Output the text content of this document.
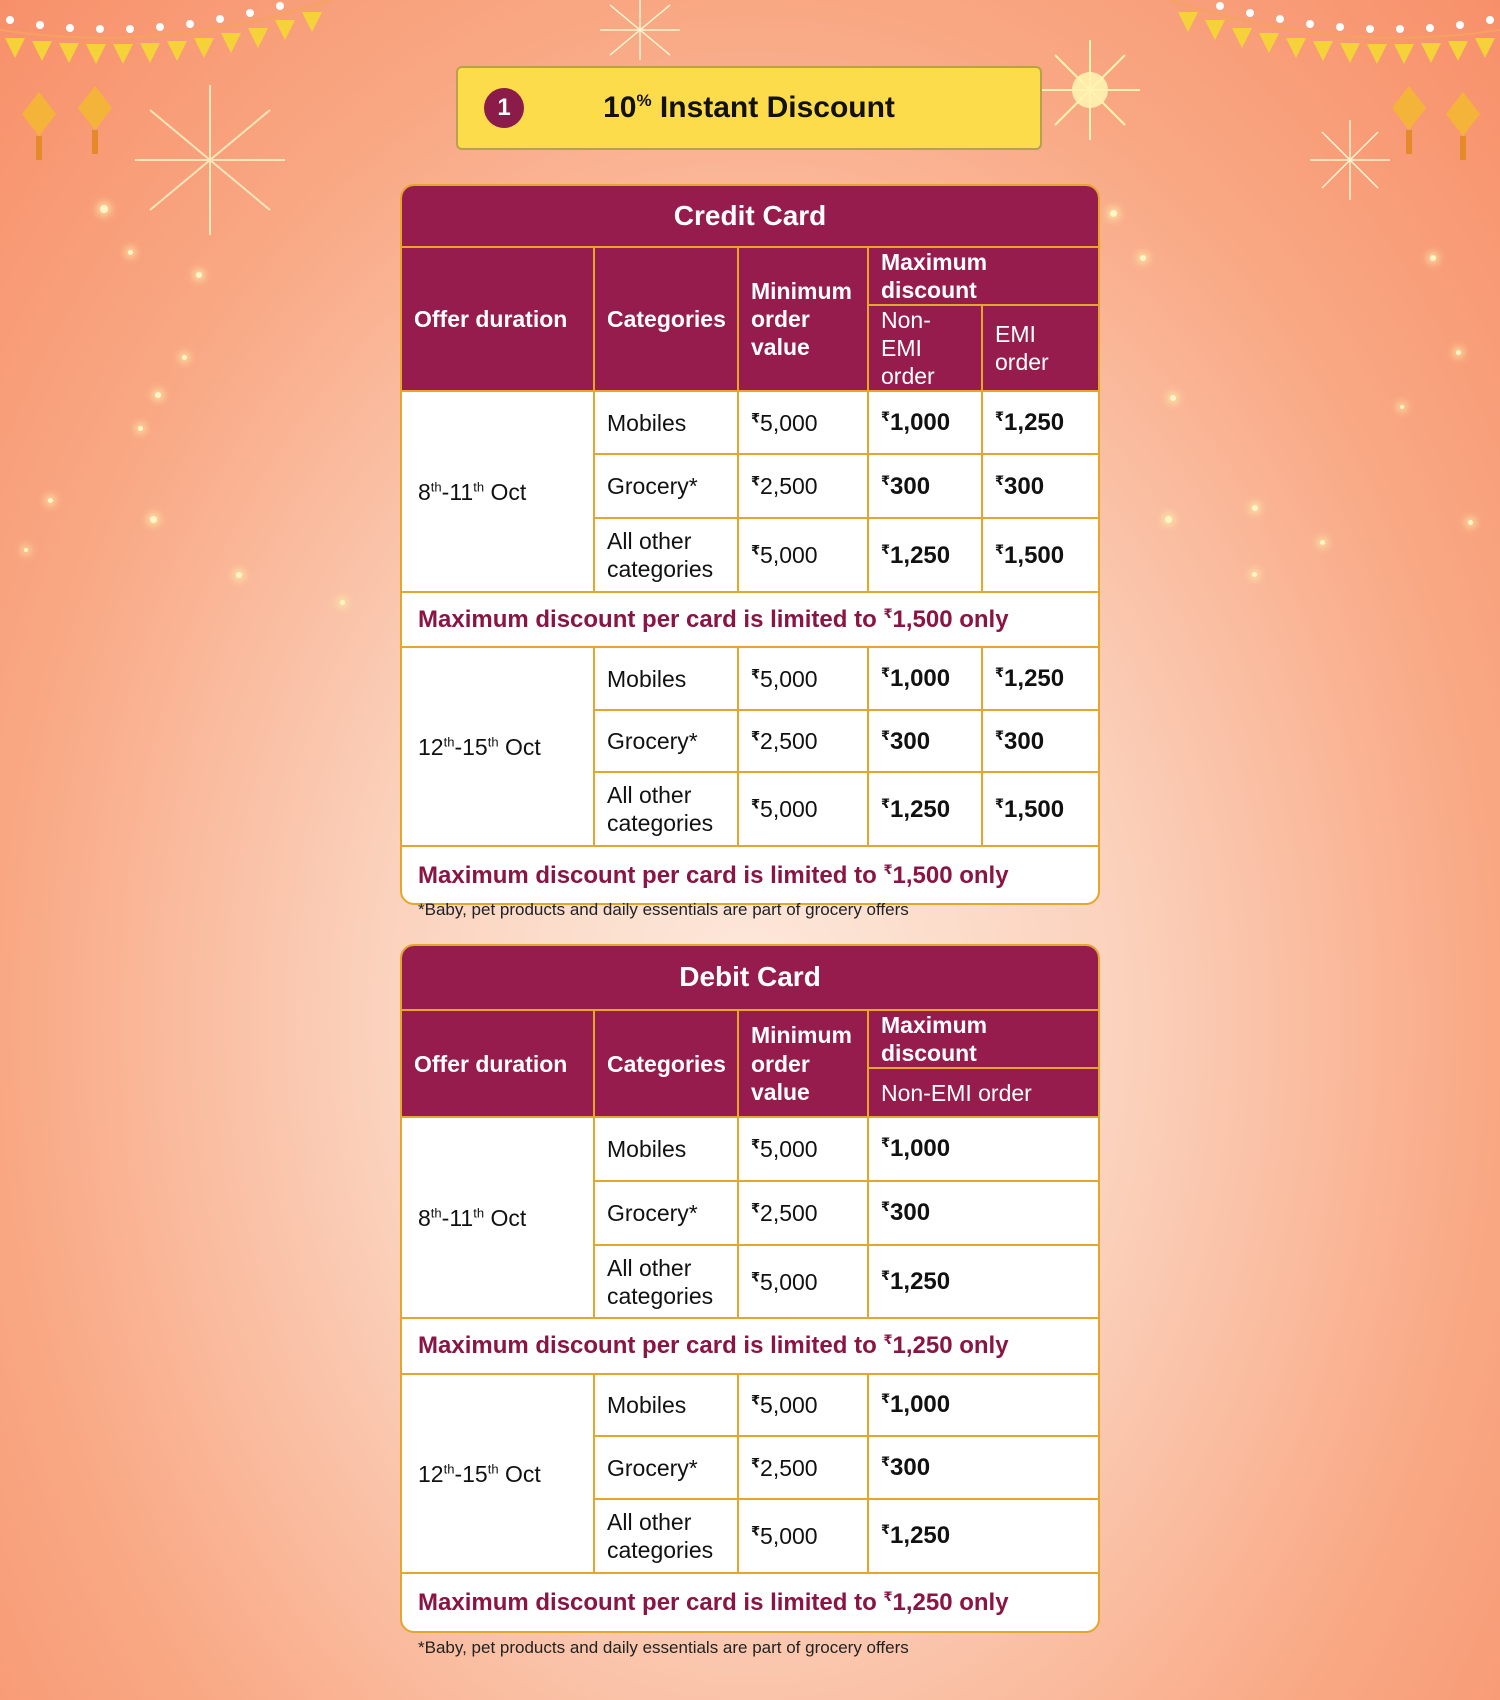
1	10% Instant Discount
Credit Card				
Offer duration	Categories	Minimum order value	Maximum discount	
			Non-EMI order	EMI order
8th-11th Oct	Mobiles	₹5,000	₹1,000	₹1,250
	Grocery*	₹2,500	₹300	₹300
	All other categories	₹5,000	₹1,250	₹1,500
Maximum discount per card is limited to ₹1,500 only				
12th-15th Oct	Mobiles	₹5,000	₹1,000	₹1,250
	Grocery*	₹2,500	₹300	₹300
	All other categories	₹5,000	₹1,250	₹1,500
Maximum discount per card is limited to ₹1,500 only				
*Baby, pet products and daily essentials are part of grocery offers
Debit Card			
Offer duration	Categories	Minimum order value	Maximum discount
			Non-EMI order
8th-11th Oct	Mobiles	₹5,000	₹1,000
	Grocery*	₹2,500	₹300
	All other categories	₹5,000	₹1,250
Maximum discount per card is limited to ₹1,250 only			
12th-15th Oct	Mobiles	₹5,000	₹1,000
	Grocery*	₹2,500	₹300
	All other categories	₹5,000	₹1,250
Maximum discount per card is limited to ₹1,250 only			
*Baby, pet products and daily essentials are part of grocery offers
